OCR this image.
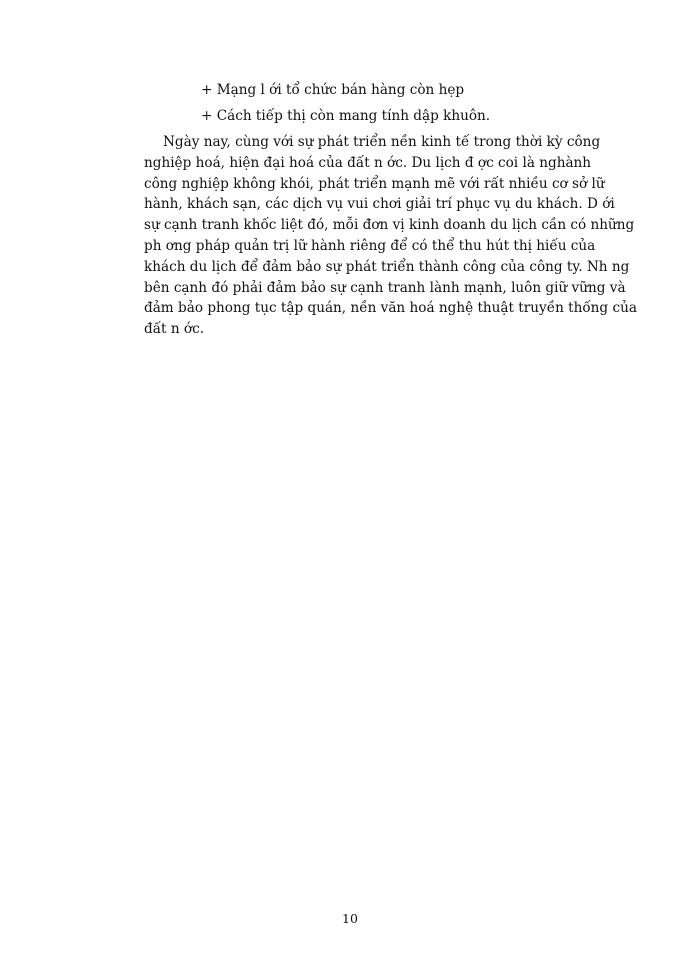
+ Mạng l ới tổ chức bán hàng còn hẹp
+ Cách tiếp thị còn mang tính dập khuôn.
Ngày nay, cùng với sự phát triển nền kinh tế trong thời kỳ công
nghiệp hoá, hiện đại hoá của đất n ớc. Du lịch đ ợc coi là nghành
công nghiệp không khói, phát triển mạnh mẽ với rất nhiều cơ sở lữ
hành, khách sạn, các dịch vụ vui chơi giải trí phục vụ du khách. D ới
sự cạnh tranh khốc liệt đó, mỗi đơn vị kinh doanh du lịch cần có những
ph ơng pháp quản trị lữ hành riêng để có thể thu hút thị hiếu của
khách du lịch để đảm bảo sự phát triển thành công của công ty. Nh ng
bên cạnh đó phải đảm bảo sự cạnh tranh lành mạnh, luôn giữ vững và
đảm bảo phong tục tập quán, nền văn hoá nghệ thuật truyền thống của
đất n ớc.
10
